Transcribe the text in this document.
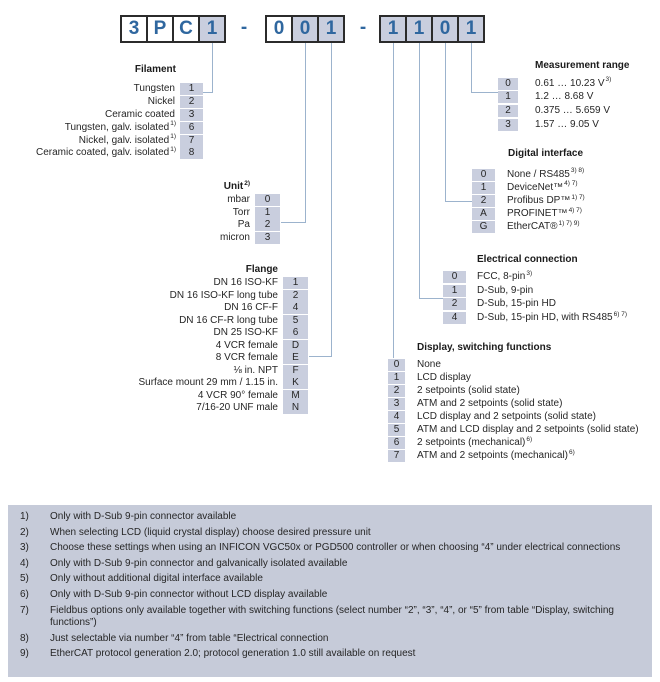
3 P C 1	-	0 0 1	-	1 1 0 1
Filament
Tungsten	1
Nickel	2
Ceramic coated	3
Tungsten, galv. isolated$^{1)}$	6
Nickel, galv. isolated$^{1)}$	7
Ceramic coated, galv. isolated$^{1)}$	8
Unit$^{2)}$
mbar	0
Torr	1
Pa	2
micron	3
Flange
DN 16 ISO-KF	1
DN 16 ISO-KF long tube	2
DN 16 CF-F	4
DN 16 CF-R long tube	5
DN 25 ISO-KF	6
4 VCR female	D
8 VCR female	E
⅛ in. NPT	F
Surface mount 29 mm / 1.15 in.	K
4 VCR 90° female	M
7/16-20 UNF male	N
Measurement range
0	0.61 … 10.23 $V^{3)}$
1	1.2 … 8.68 V
2	0.375 … 5.659 V
3	1.57 … 9.05 V
Digital interface
0	None / $RS485^{3) 8)}$
1	DeviceNet™$^{4) 7)}$
2	Profibus DP™$^{1) 7)}$
A	PROFINET™$^{4) 7)}$
G	EtherCAT®$^{1) 7) 9)}$
Electrical connection
0	FCC, 8-pin$^{3)}$
1	D-Sub, 9-pin
2	D-Sub, 15-pin HD
4	D-Sub, 15-pin HD, with $RS485^{6) 7)}$
Display, switching functions
0	None
1	LCD display
2	2 setpoints (solid state)
3	ATM and 2 setpoints (solid state)
4	LCD display and 2 setpoints (solid state)
5	ATM and LCD display and 2 setpoints (solid state)
6	2 setpoints (mechanical)$^{6)}$
7	ATM and 2 setpoints (mechanical)$^{6)}$
1)	Only with D-Sub 9-pin connector available
2)	When selecting LCD (liquid crystal display) choose desired pressure unit
3)	Choose these settings when using an INFICON VGC50x or PGD500 controller or when choosing “4” under electrical connections
4)	Only with D-Sub 9-pin connector and galvanically isolated available
5)	Only without additional digital interface available
6)	Only with D-Sub 9-pin connector without LCD display available
7)	Fieldbus options only available together with switching functions (select number “2”, “3”, “4”, or “5” from table “Display, switching functions”)
8)	Just selectable via number “4” from table “Electrical connection
9)	EtherCAT protocol generation 2.0; protocol generation 1.0 still available on request
